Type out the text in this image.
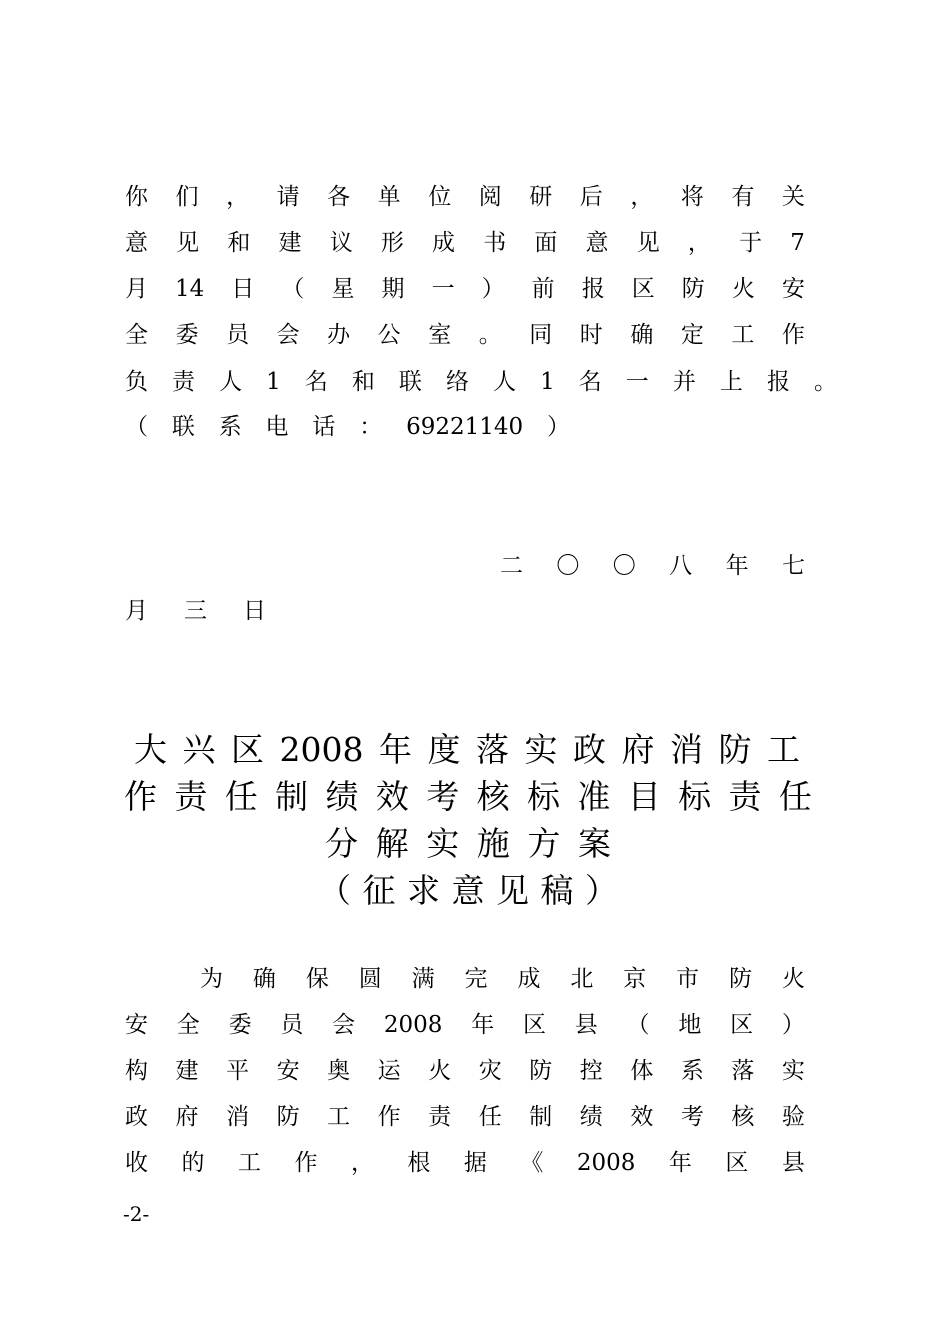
你 们 ， 请 各 单 位 阅 研 后 ， 将 有 关
意 见 和 建 议 形 成 书 面 意 见 ， 于 7
月 14 日 （ 星 期 一 ） 前 报 区 防 火 安
全 委 员 会 办 公 室 。 同 时 确 定 工 作
负 责 人 1 名 和 联 络 人 1 名 一 并 上 报 。
（ 联 系 电 话 ： 69221140 ）
二 〇 〇 八 年 七
月 三 日
大 兴 区 2008 年 度 落 实 政 府 消 防 工
作 责 任 制 绩 效 考 核 标 准 目 标 责 任
分 解 实 施 方 案
（ 征 求 意 见 稿 ）
为 确 保 圆 满 完 成 北 京 市 防 火
安 全 委 员 会 2008 年 区 县 （ 地 区 ）
构 建 平 安 奥 运 火 灾 防 控 体 系 落 实
政 府 消 防 工 作 责 任 制 绩 效 考 核 验
收 的 工 作 ， 根 据 《 2008 年 区 县
-2-
